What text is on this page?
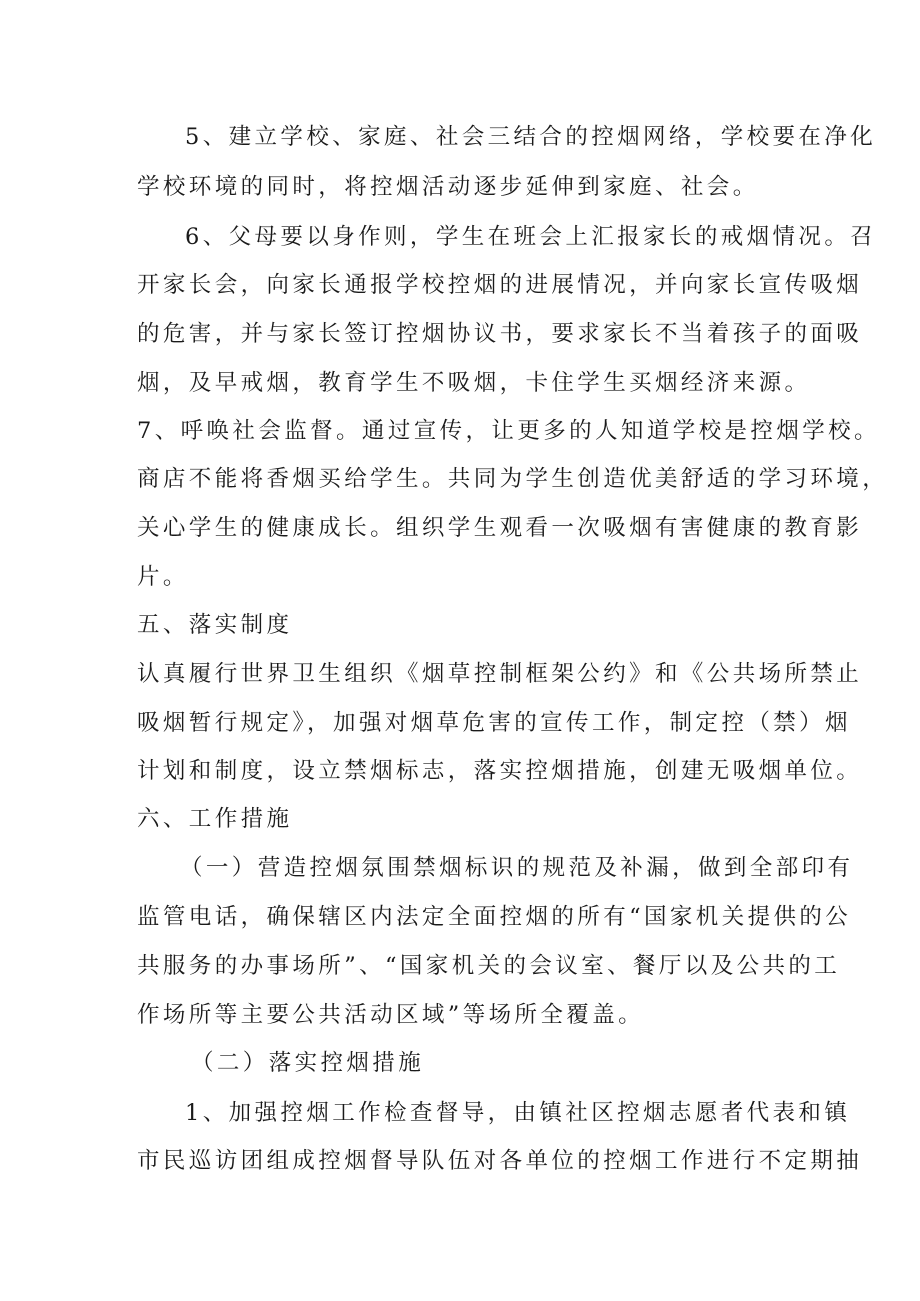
5、建立学校、家庭、社会三结合的控烟网络，学校要在净化

学校环境的同时，将控烟活动逐步延伸到家庭、社会。

6、父母要以身作则，学生在班会上汇报家长的戒烟情况。召

开家长会，向家长通报学校控烟的进展情况，并向家长宣传吸烟

的危害，并与家长签订控烟协议书，要求家长不当着孩子的面吸

烟，及早戒烟，教育学生不吸烟，卡住学生买烟经济来源。

7、呼唤社会监督。通过宣传，让更多的人知道学校是控烟学校。

商店不能将香烟买给学生。共同为学生创造优美舒适的学习环境，

关心学生的健康成长。组织学生观看一次吸烟有害健康的教育影

片。

五、落实制度

认真履行世界卫生组织《烟草控制框架公约》和《公共场所禁止

吸烟暂行规定》，加强对烟草危害的宣传工作，制定控（禁）烟

计划和制度，设立禁烟标志，落实控烟措施，创建无吸烟单位。

六、工作措施

（一）营造控烟氛围禁烟标识的规范及补漏，做到全部印有

监管电话，确保辖区内法定全面控烟的所有“国家机关提供的公

共服务的办事场所”、“国家机关的会议室、餐厅以及公共的工

作场所等主要公共活动区域”等场所全覆盖。

（二）落实控烟措施

1、加强控烟工作检查督导，由镇社区控烟志愿者代表和镇

市民巡访团组成控烟督导队伍对各单位的控烟工作进行不定期抽
